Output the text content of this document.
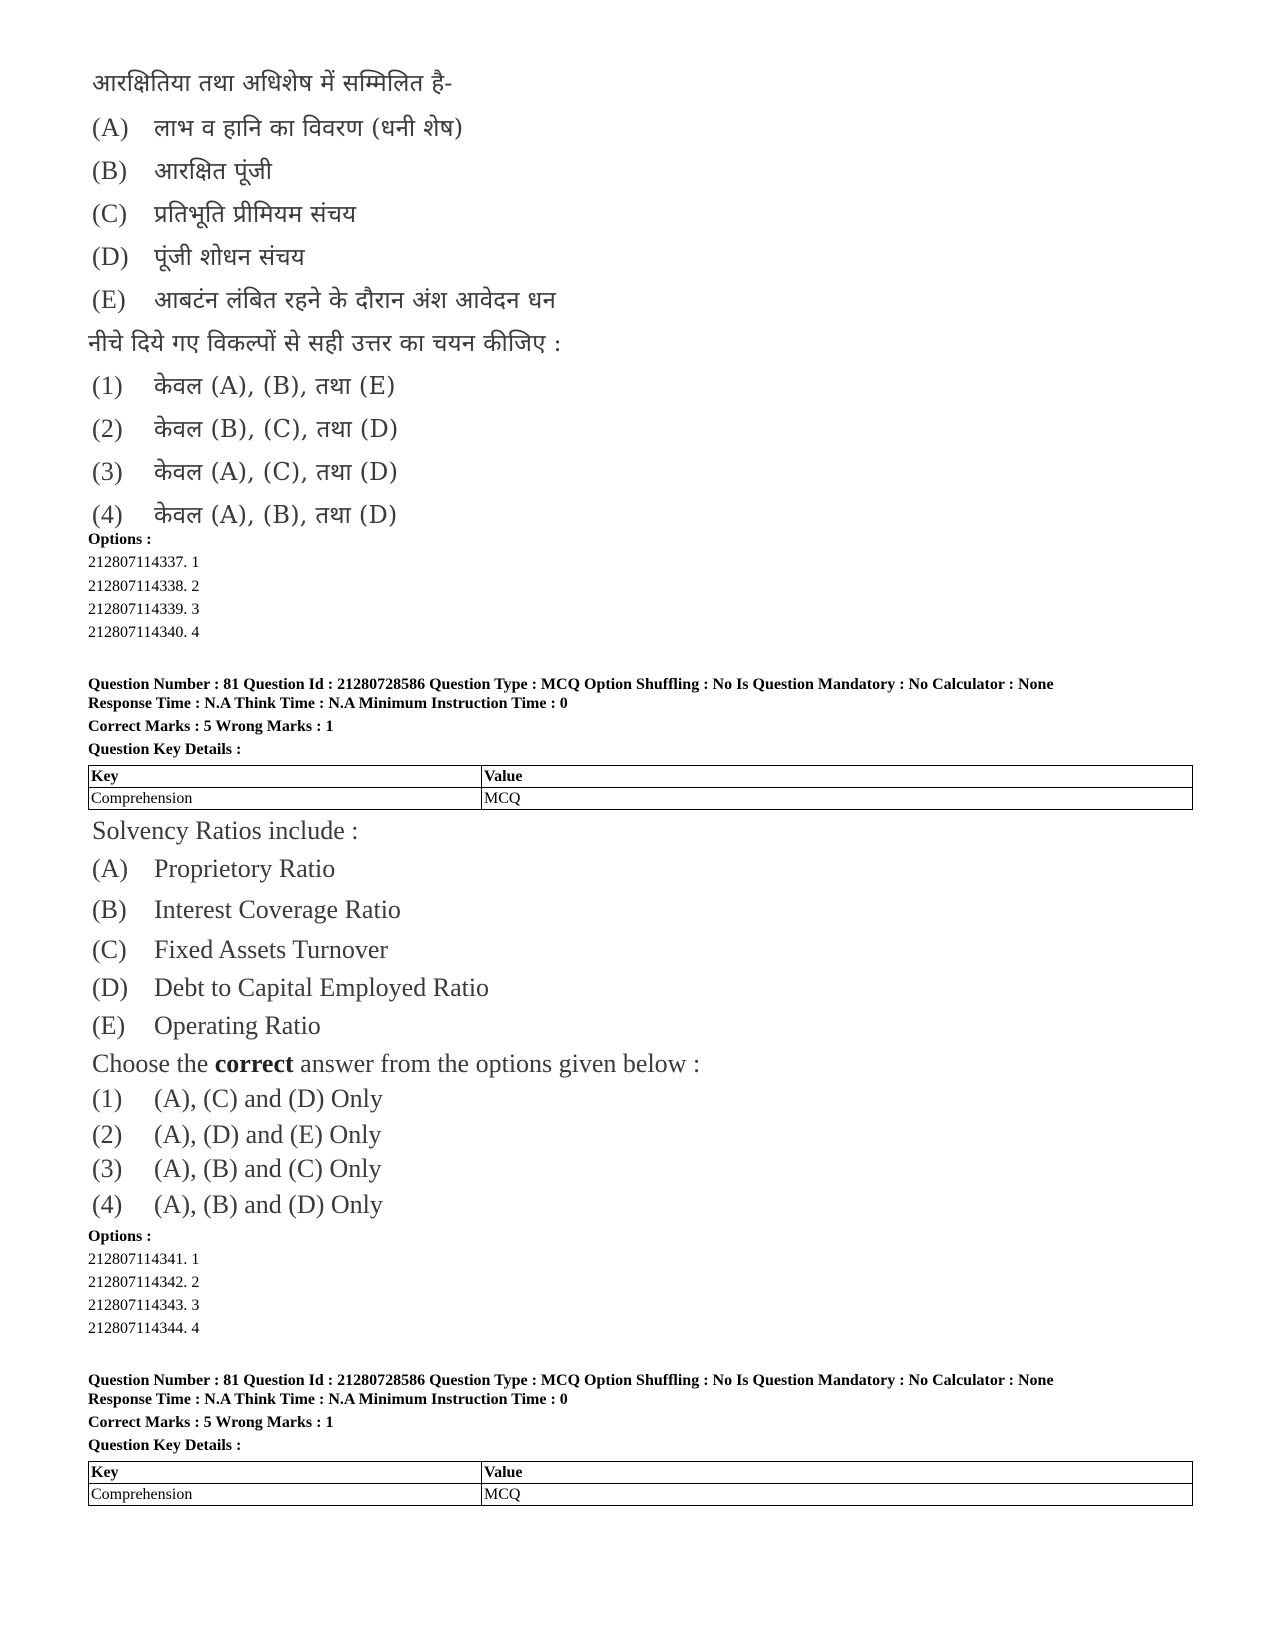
आरक्षितिया तथा अधिशेष में सम्मिलित है-
(A) लाभ व हानि का विवरण (धनी शेष)
(B) आरक्षित पूंजी
(C) प्रतिभूति प्रीमियम संचय
(D) पूंजी शोधन संचय
(E) आबटंन लंबित रहने के दौरान अंश आवेदन धन
नीचे दिये गए विकल्पों से सही उत्तर का चयन कीजिए :
(1) केवल (A), (B), तथा (E)
(2) केवल (B), (C), तथा (D)
(3) केवल (A), (C), तथा (D)
(4) केवल (A), (B), तथा (D)
Options :
212807114337. 1
212807114338. 2
212807114339. 3
212807114340. 4
Question Number : 81 Question Id : 21280728586 Question Type : MCQ Option Shuffling : No Is Question Mandatory : No Calculator : None
Response Time : N.A Think Time : N.A Minimum Instruction Time : 0
Correct Marks : 5 Wrong Marks : 1
Question Key Details :
Key	Value
Comprehension	MCQ
Solvency Ratios include :
(A) Proprietory Ratio
(B) Interest Coverage Ratio
(C) Fixed Assets Turnover
(D) Debt to Capital Employed Ratio
(E) Operating Ratio
Choose the correct answer from the options given below :
(1) (A), (C) and (D) Only
(2) (A), (D) and (E) Only
(3) (A), (B) and (C) Only
(4) (A), (B) and (D) Only
Options :
212807114341. 1
212807114342. 2
212807114343. 3
212807114344. 4
Question Number : 81 Question Id : 21280728586 Question Type : MCQ Option Shuffling : No Is Question Mandatory : No Calculator : None
Response Time : N.A Think Time : N.A Minimum Instruction Time : 0
Correct Marks : 5 Wrong Marks : 1
Question Key Details :
Key	Value
Comprehension	MCQ
